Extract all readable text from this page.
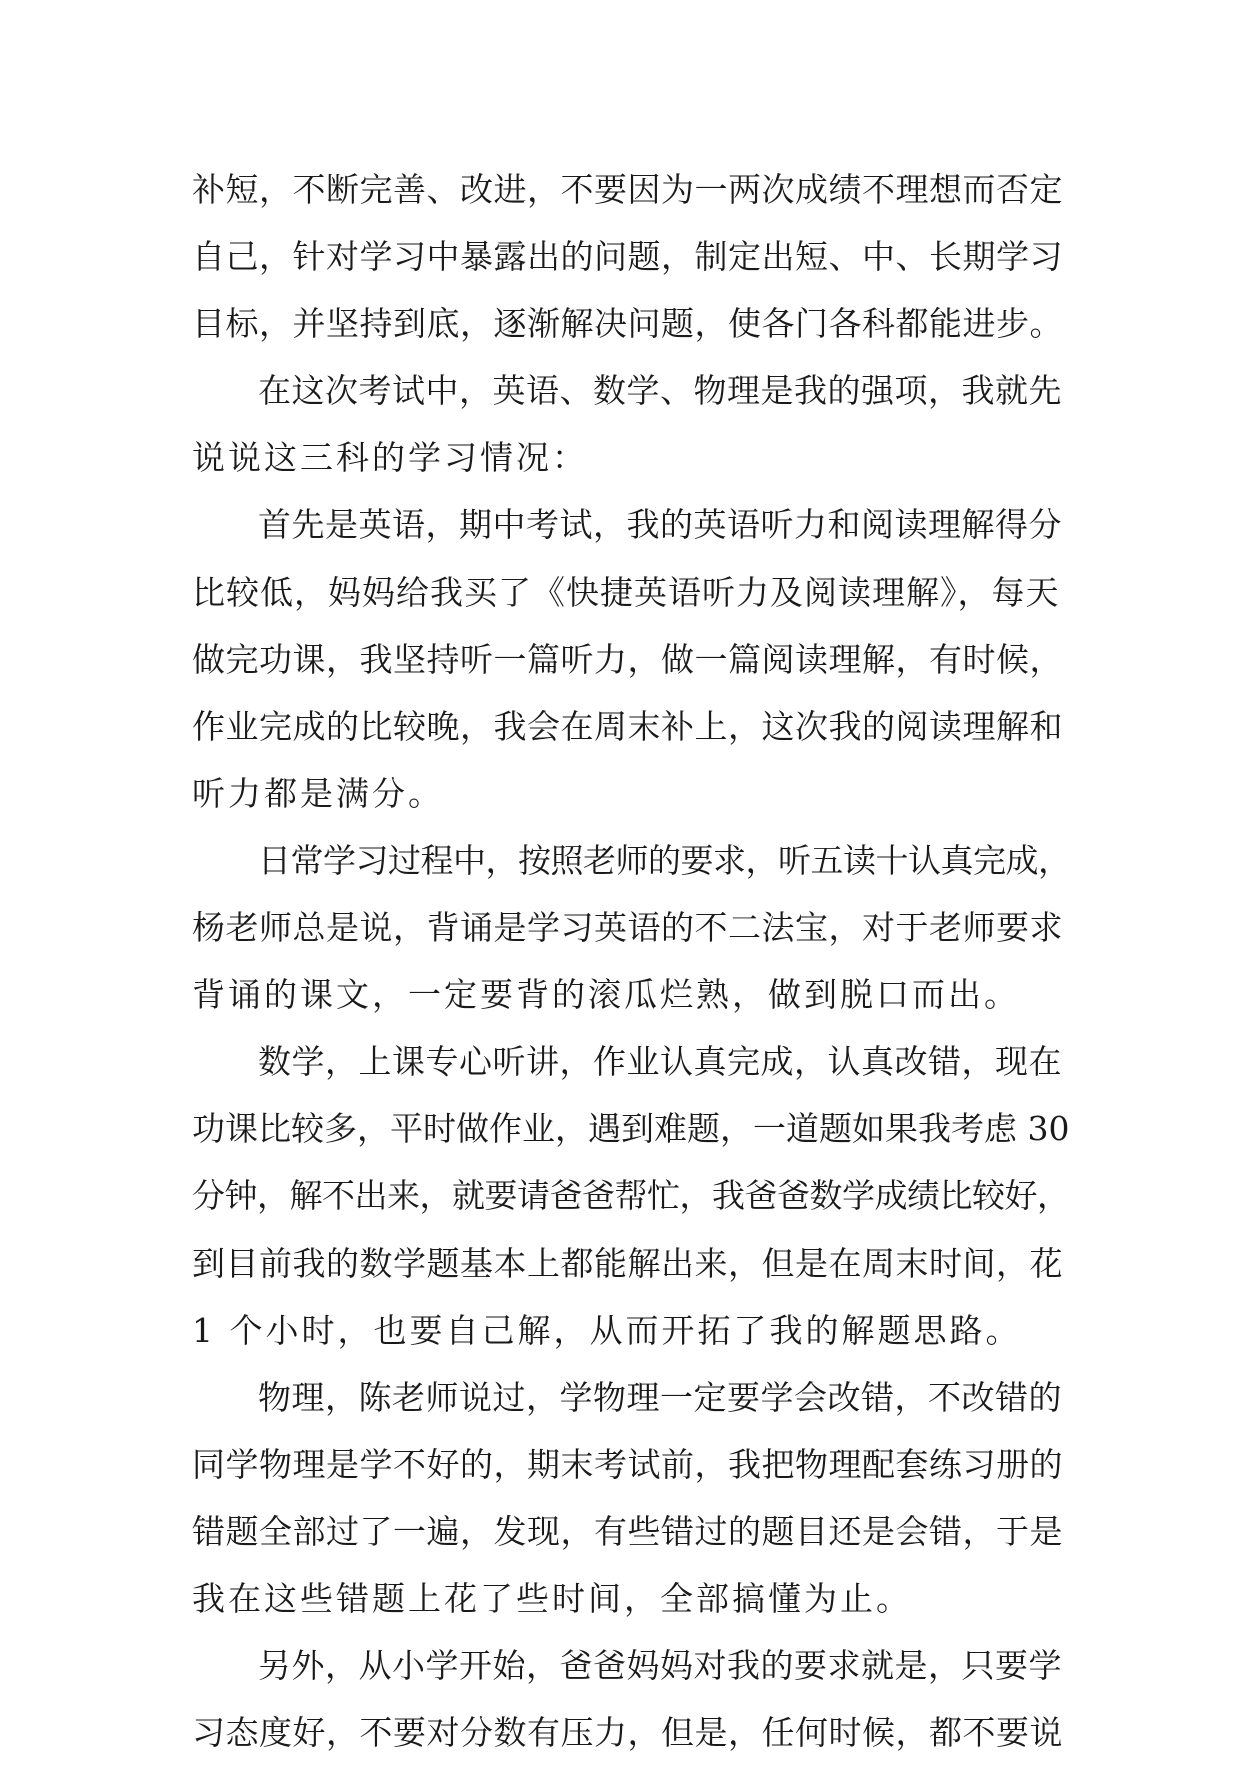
补短，不断完善、改进，不要因为一两次成绩不理想而否定
自己，针对学习中暴露出的问题，制定出短、中、长期学习
目标，并坚持到底，逐渐解决问题，使各门各科都能进步。
在这次考试中，英语、数学、物理是我的强项，我就先
说说这三科的学习情况：
首先是英语，期中考试，我的英语听力和阅读理解得分
比较低，妈妈给我买了《快捷英语听力及阅读理解》，每天
做完功课，我坚持听一篇听力，做一篇阅读理解，有时候，
作业完成的比较晚，我会在周末补上，这次我的阅读理解和
听力都是满分。
日常学习过程中，按照老师的要求，听五读十认真完成，
杨老师总是说，背诵是学习英语的不二法宝，对于老师要求
背诵的课文，一定要背的滚瓜烂熟，做到脱口而出。
数学，上课专心听讲，作业认真完成，认真改错，现在
功课比较多，平时做作业，遇到难题，一道题如果我考虑 30
分钟，解不出来，就要请爸爸帮忙，我爸爸数学成绩比较好，
到目前我的数学题基本上都能解出来，但是在周末时间，花
1 个小时，也要自己解，从而开拓了我的解题思路。
物理，陈老师说过，学物理一定要学会改错，不改错的
同学物理是学不好的，期末考试前，我把物理配套练习册的
错题全部过了一遍，发现，有些错过的题目还是会错，于是
我在这些错题上花了些时间，全部搞懂为止。
另外，从小学开始，爸爸妈妈对我的要求就是，只要学
习态度好，不要对分数有压力，但是，任何时候，都不要说
